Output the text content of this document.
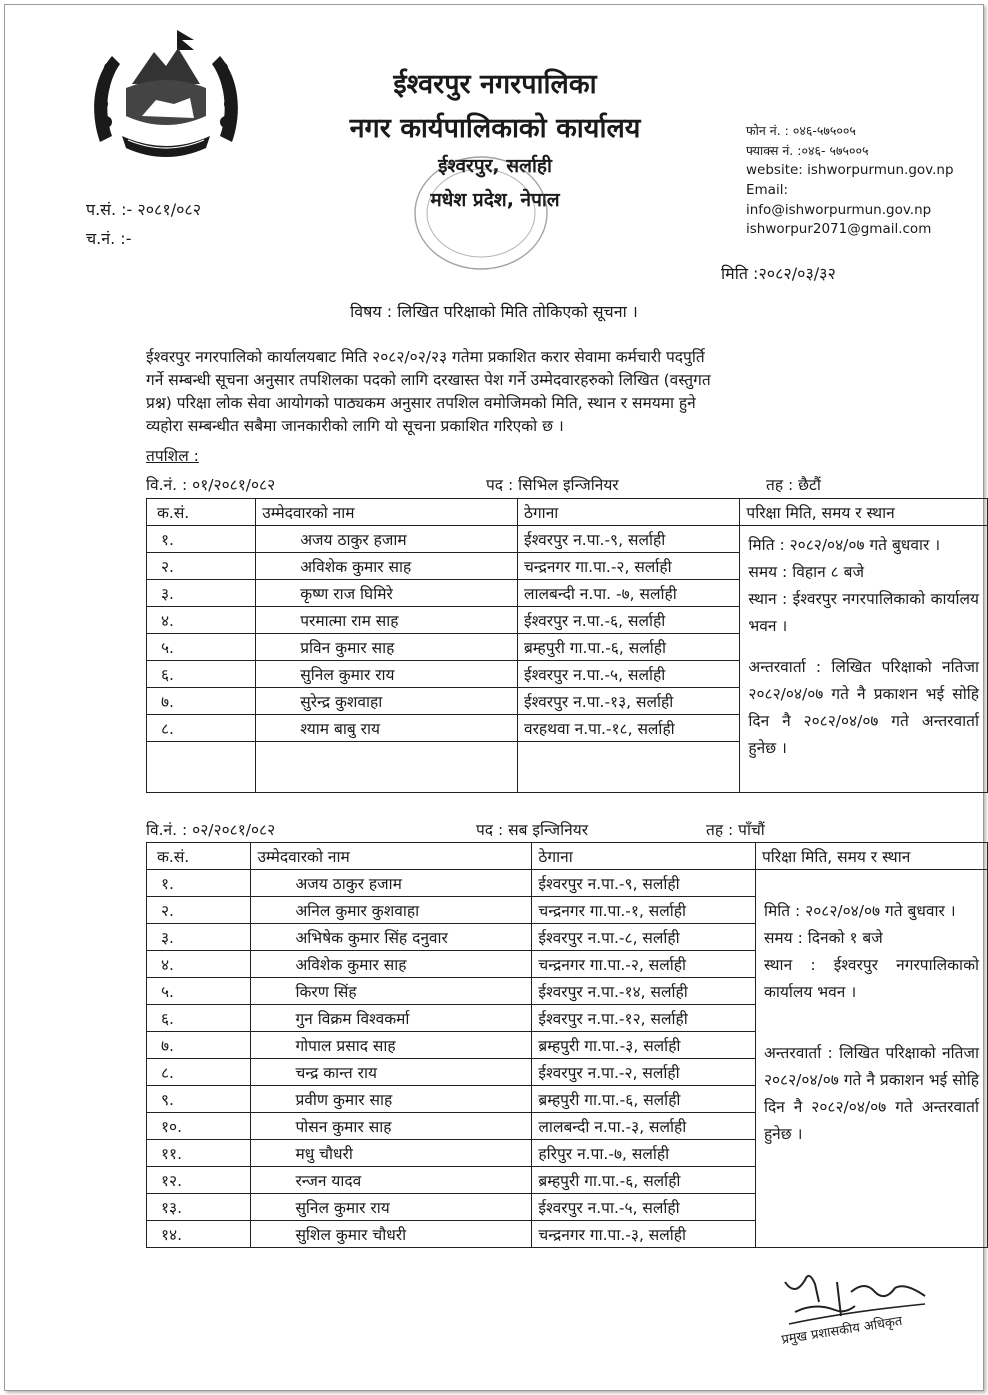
ईश्वरपुर नगरपालिका
नगर कार्यपालिकाको कार्यालय
ईश्वरपुर, सर्लाही
मधेश प्रदेश, नेपाल
फोन नं. : ०४६-५७५००५
फ्याक्स नं. :०४६- ५७५००५
website: ishworpurmun.gov.np
Email:
info@ishworpurmun.gov.np
ishworpur2071@gmail.com
प.सं. :- २०८१/०८२
च.नं. :-
मिति :२०८२/०३/३२
विषय : लिखित परिक्षाको मिति तोकिएको सूचना ।
ईश्वरपुर नगरपालिको कार्यालयबाट मिति २०८२/०२/२३ गतेमा प्रकाशित करार सेवामा कर्मचारी पदपुर्ति
गर्ने सम्बन्धी सूचना अनुसार तपशिलका पदको लागि दरखास्त पेश गर्ने उम्मेदवारहरुको लिखित (वस्तुगत
प्रश्न) परिक्षा लोक सेवा आयोगको पाठ्यकम अनुसार तपशिल वमोजिमको मिति, स्थान र समयमा हुने
व्यहोरा सम्बन्धीत सबैमा जानकारीको लागि यो सूचना प्रकाशित गरिएको छ ।
तपशिल :
वि.नं. : ०१/२०८१/०८२	पद : सिभिल इन्जिनियर	तह : छैटौं
क.सं.	उम्मेदवारको नाम	ठेगाना	परिक्षा मिति, समय र स्थान
१.	अजय ठाकुर हजाम	ईश्वरपुर न.पा.-९, सर्लाही	मिति : २०८२/०४/०७ गते बुधवार ।

समय : विहान ८ बजे

स्थान : ईश्वरपुर नगरपालिकाको कार्यालय भवन ।

अन्तरवार्ता : लिखित परिक्षाको नतिजा २०८२/०४/०७ गते नै प्रकाशन भई सोहि दिन नै २०८२/०४/०७ गते अन्तरवार्ता हुनेछ ।

२.	अविशेक कुमार साह	चन्द्रनगर गा.पा.-२, सर्लाही	
३.	कृष्ण राज घिमिरे	लालबन्दी न.पा. -७, सर्लाही	
४.	परमात्मा राम साह	ईश्वरपुर न.पा.-६, सर्लाही	
५.	प्रविन कुमार साह	ब्रम्हपुरी गा.पा.-६, सर्लाही	
६.	सुनिल कुमार राय	ईश्वरपुर न.पा.-५, सर्लाही	
७.	सुरेन्द्र कुशवाहा	ईश्वरपुर न.पा.-१३, सर्लाही	
८.	श्याम बाबु राय	वरहथवा न.पा.-१८, सर्लाही	

वि.नं. : ०२/२०८१/०८२	पद : सब इन्जिनियर	तह : पाँचौं
क.सं.	उम्मेदवारको नाम	ठेगाना	परिक्षा मिति, समय र स्थान
१.	अजय ठाकुर हजाम	ईश्वरपुर न.पा.-९, सर्लाही	मिति : २०८२/०४/०७ गते बुधवार ।

समय : दिनको १ बजे

स्थान : ईश्वरपुर नगरपालिकाको कार्यालय भवन ।

अन्तरवार्ता : लिखित परिक्षाको नतिजा २०८२/०४/०७ गते नै प्रकाशन भई सोहि दिन नै २०८२/०४/०७ गते अन्तरवार्ता हुनेछ ।

२.	अनिल कुमार कुशवाहा	चन्द्रनगर गा.पा.-१, सर्लाही	
३.	अभिषेक कुमार सिंह दनुवार	ईश्वरपुर न.पा.-८, सर्लाही	
४.	अविशेक कुमार साह	चन्द्रनगर गा.पा.-२, सर्लाही	
५.	किरण सिंह	ईश्वरपुर न.पा.-१४, सर्लाही	
६.	गुन विक्रम विश्वकर्मा	ईश्वरपुर न.पा.-१२, सर्लाही	
७.	गोपाल प्रसाद साह	ब्रम्हपुरी गा.पा.-३, सर्लाही	
८.	चन्द्र कान्त राय	ईश्वरपुर न.पा.-२, सर्लाही	
९.	प्रवीण कुमार साह	ब्रम्हपुरी गा.पा.-६, सर्लाही	
१०.	पोसन कुमार साह	लालबन्दी न.पा.-३, सर्लाही	
११.	मधु चौधरी	हरिपुर न.पा.-७, सर्लाही	
१२.	रन्जन यादव	ब्रम्हपुरी गा.पा.-६, सर्लाही	
१३.	सुनिल कुमार राय	ईश्वरपुर न.पा.-५, सर्लाही	
१४.	सुशिल कुमार चौधरी	चन्द्रनगर गा.पा.-३, सर्लाही	
प्रमुख प्रशासकीय अधिकृत
